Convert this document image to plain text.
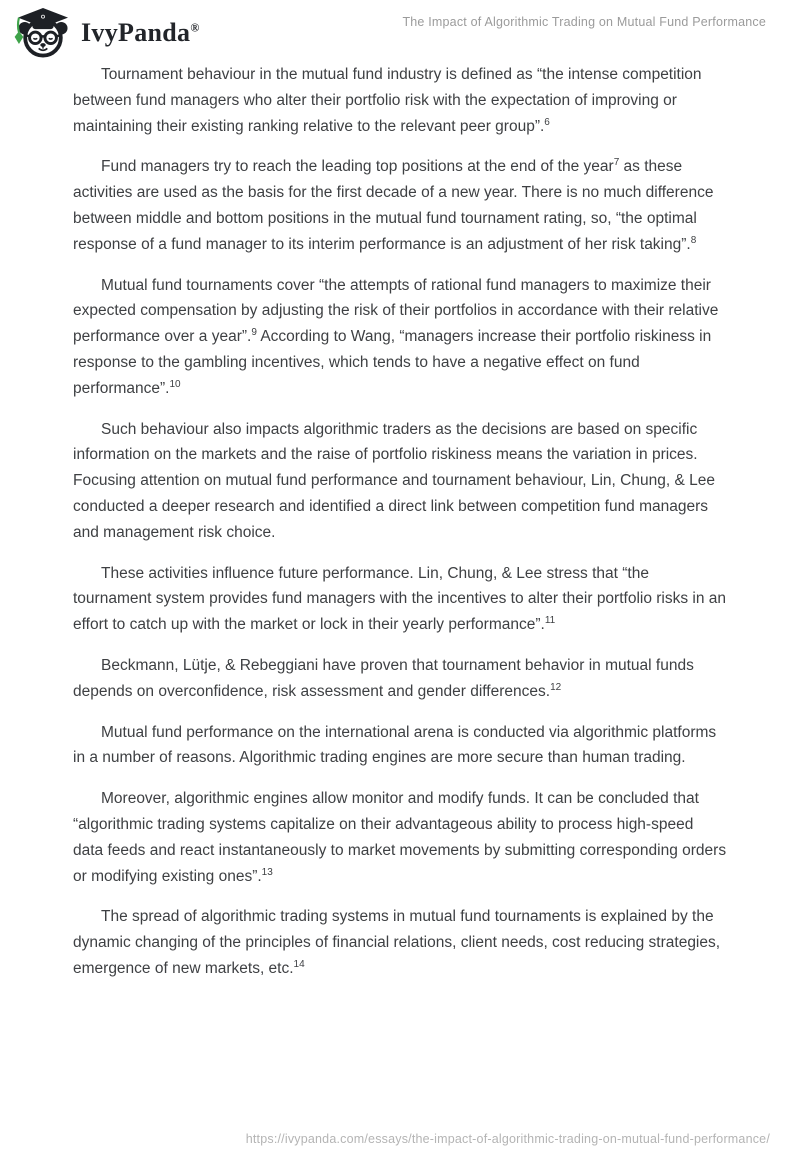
IvyPanda®	The Impact of Algorithmic Trading on Mutual Fund Performance

Tournament behaviour in the mutual fund industry is defined as “the intense competition between fund managers who alter their portfolio risk with the expectation of improving or maintaining their existing ranking relative to the relevant peer group”.$^6$

Fund managers try to reach the leading top positions at the end of the year$^7$ as these activities are used as the basis for the first decade of a new year. There is no much difference between middle and bottom positions in the mutual fund tournament rating, so, “the optimal response of a fund manager to its interim performance is an adjustment of her risk taking”.$^8$

Mutual fund tournaments cover “the attempts of rational fund managers to maximize their expected compensation by adjusting the risk of their portfolios in accordance with their relative performance over a year”.$^9$ According to Wang, “managers increase their portfolio riskiness in response to the gambling incentives, which tends to have a negative effect on fund performance”.$^{10}$

Such behaviour also impacts algorithmic traders as the decisions are based on specific information on the markets and the raise of portfolio riskiness means the variation in prices. Focusing attention on mutual fund performance and tournament behaviour, Lin, Chung, & Lee conducted a deeper research and identified a direct link between competition fund managers and management risk choice.

These activities influence future performance. Lin, Chung, & Lee stress that “the tournament system provides fund managers with the incentives to alter their portfolio risks in an effort to catch up with the market or lock in their yearly performance”.$^{11}$

Beckmann, Lütje, & Rebeggiani have proven that tournament behavior in mutual funds depends on overconfidence, risk assessment and gender differences.$^{12}$

Mutual fund performance on the international arena is conducted via algorithmic platforms in a number of reasons. Algorithmic trading engines are more secure than human trading.

Moreover, algorithmic engines allow monitor and modify funds. It can be concluded that “algorithmic trading systems capitalize on their advantageous ability to process high-speed data feeds and react instantaneously to market movements by submitting corresponding orders or modifying existing ones”.$^{13}$

The spread of algorithmic trading systems in mutual fund tournaments is explained by the dynamic changing of the principles of financial relations, client needs, cost reducing strategies, emergence of new markets, etc.$^{14}$

https://ivypanda.com/essays/the-impact-of-algorithmic-trading-on-mutual-fund-performance/
